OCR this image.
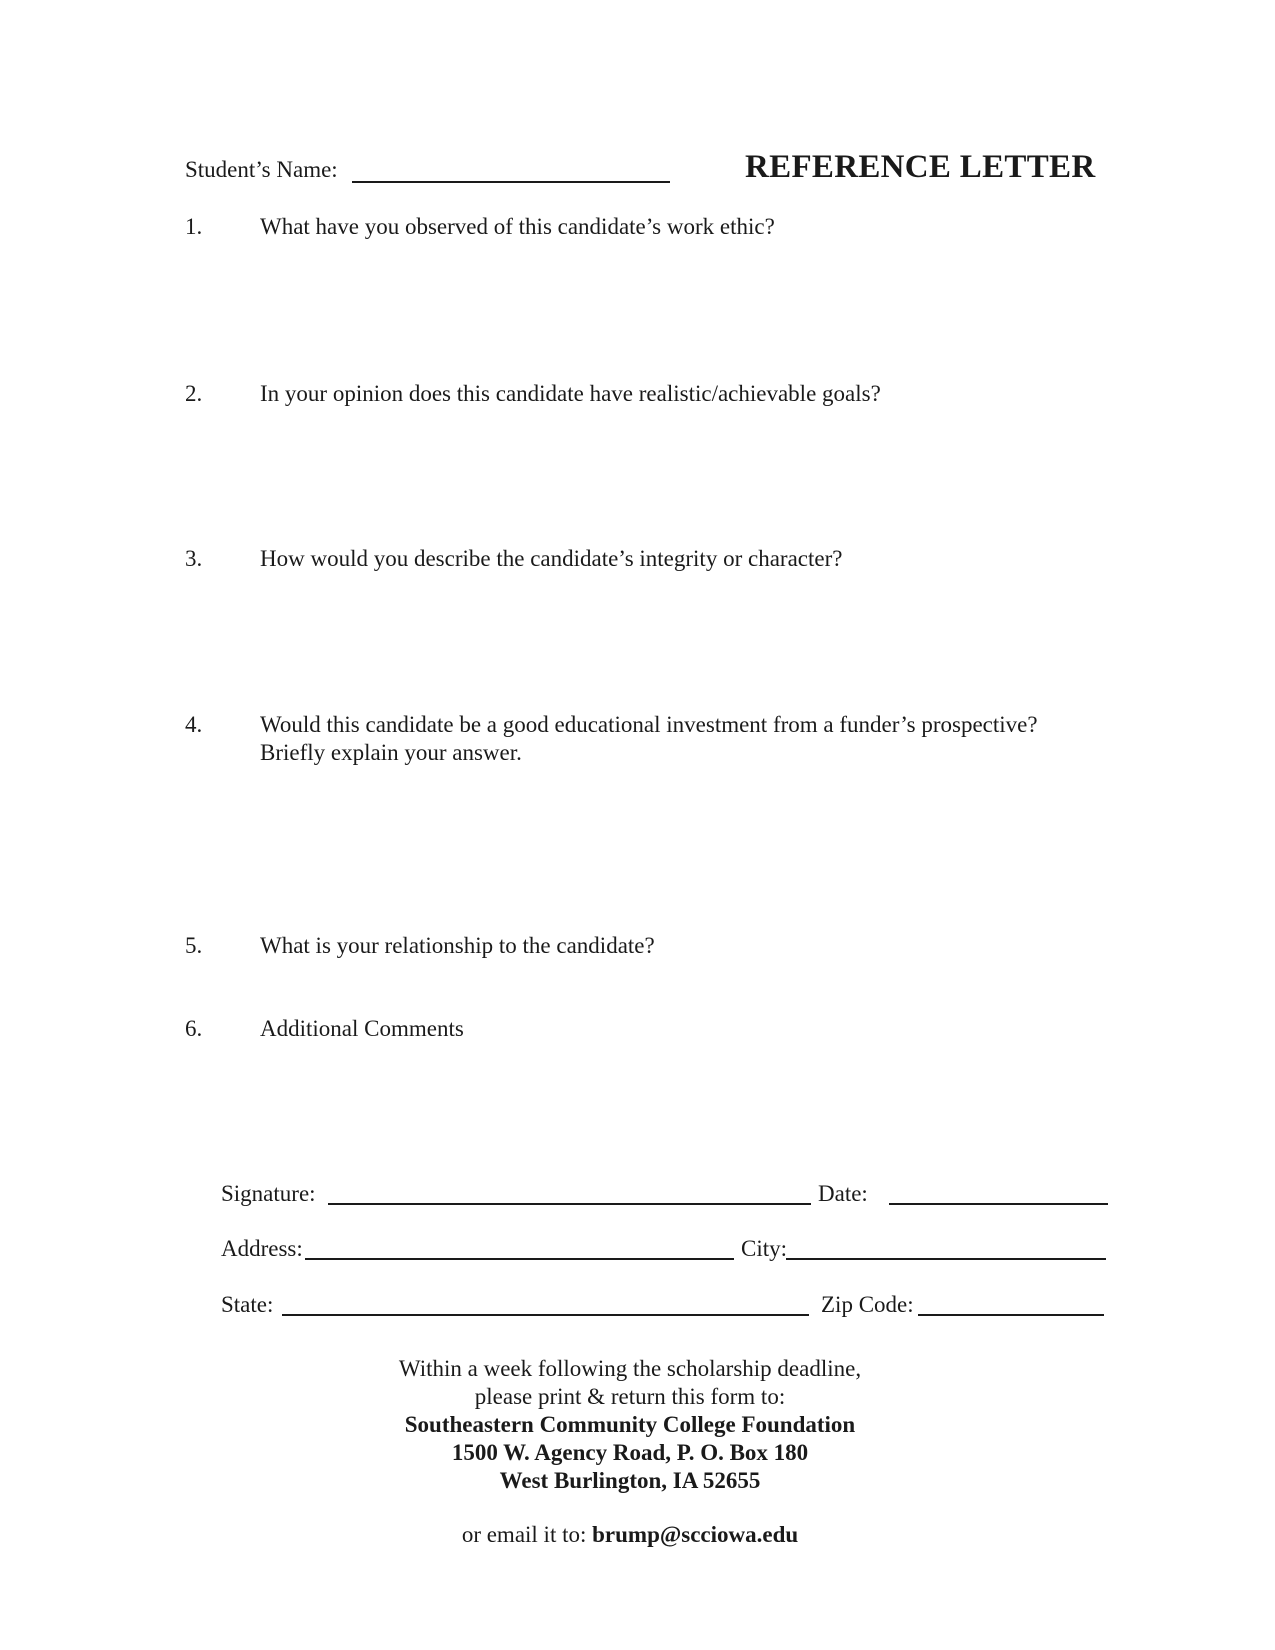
Student’s Name:	REFERENCE LETTER
1.	What have you observed of this candidate’s work ethic?
2.	In your opinion does this candidate have realistic/achievable goals?
3.	How would you describe the candidate’s integrity or character?
4.	Would this candidate be a good educational investment from a funder’s prospective?
Briefly explain your answer.
5.	What is your relationship to the candidate?
6.	Additional Comments
Signature:	Date:
Address:	City:
State:	Zip Code:
Within a week following the scholarship deadline,
please print & return this form to:
Southeastern Community College Foundation
1500 W. Agency Road, P. O. Box 180
West Burlington, IA 52655
or email it to: brump@scciowa.edu
